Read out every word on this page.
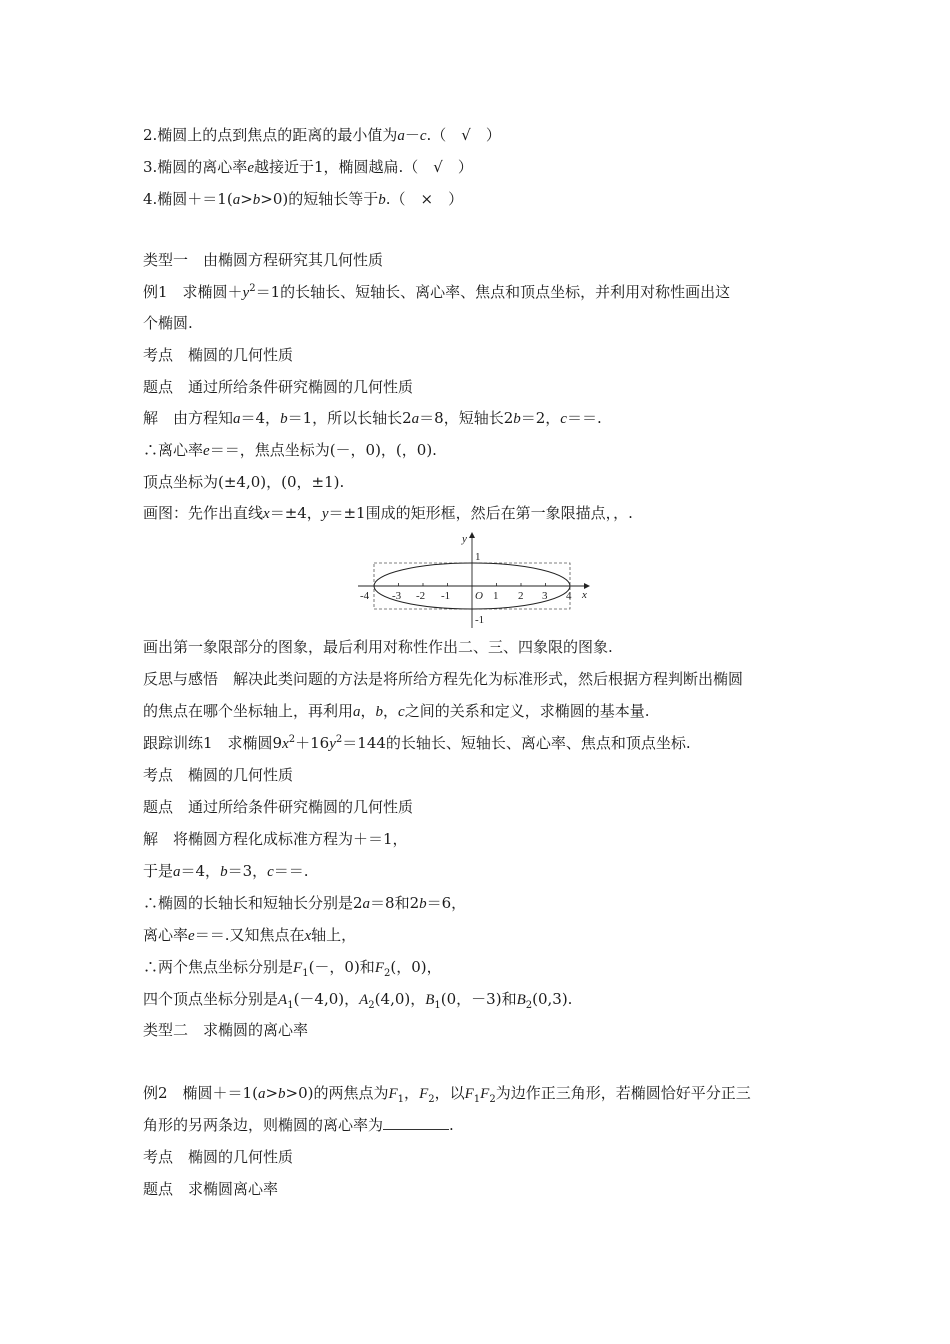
2.椭圆上的点到焦点的距离的最小值为a－c.（　√　）
3.椭圆的离心率e越接近于1，椭圆越扁.（　√　）
4.椭圆＋＝1(a>b>0)的短轴长等于b.（　×　）
类型一　由椭圆方程研究其几何性质
例1　求椭圆$+y^2=1$的长轴长、短轴长、离心率、焦点和顶点坐标，并利用对称性画出这
个椭圆.
考点　椭圆的几何性质
题点　通过所给条件研究椭圆的几何性质
解　由方程知a＝4，b＝1，所以长轴长2a＝8，短轴长2b＝2，c＝＝.
∴离心率e＝＝，焦点坐标为(－，0)，(，0).
顶点坐标为(±4,0)，(0，±1).
画图：先作出直线x＝±4，y＝±1围成的矩形框，然后在第一象限描点，，.
y
x
O
1
-1
-4 -3 -2 -1	1 2 3 4
画出第一象限部分的图象，最后利用对称性作出二、三、四象限的图象.
反思与感悟　解决此类问题的方法是将所给方程先化为标准形式，然后根据方程判断出椭圆
的焦点在哪个坐标轴上，再利用a，b，c之间的关系和定义，求椭圆的基本量.
跟踪训练1　求椭圆$9x^2+16y^2=144$的长轴长、短轴长、离心率、焦点和顶点坐标.
考点　椭圆的几何性质
题点　通过所给条件研究椭圆的几何性质
解　将椭圆方程化成标准方程为＋＝1，
于是a＝4，b＝3，c＝＝.
∴椭圆的长轴长和短轴长分别是2a＝8和2b＝6，
离心率e＝＝.又知焦点在x轴上，
∴两个焦点坐标分别是$F_1(-$，0)和$F_2$(，0)，
四个顶点坐标分别是$A_1(-4,0)$，$A_2(4,0)$，$B_1(0$，－3)和$B_2(0,3)$.
类型二　求椭圆的离心率
例2　椭圆＋＝1(a>b>0)的两焦点为$F_1$，$F_2$，以$F_1F_2$为边作正三角形，若椭圆恰好平分正三
角形的另两条边，则椭圆的离心率为	.
考点　椭圆的几何性质
题点　求椭圆离心率
